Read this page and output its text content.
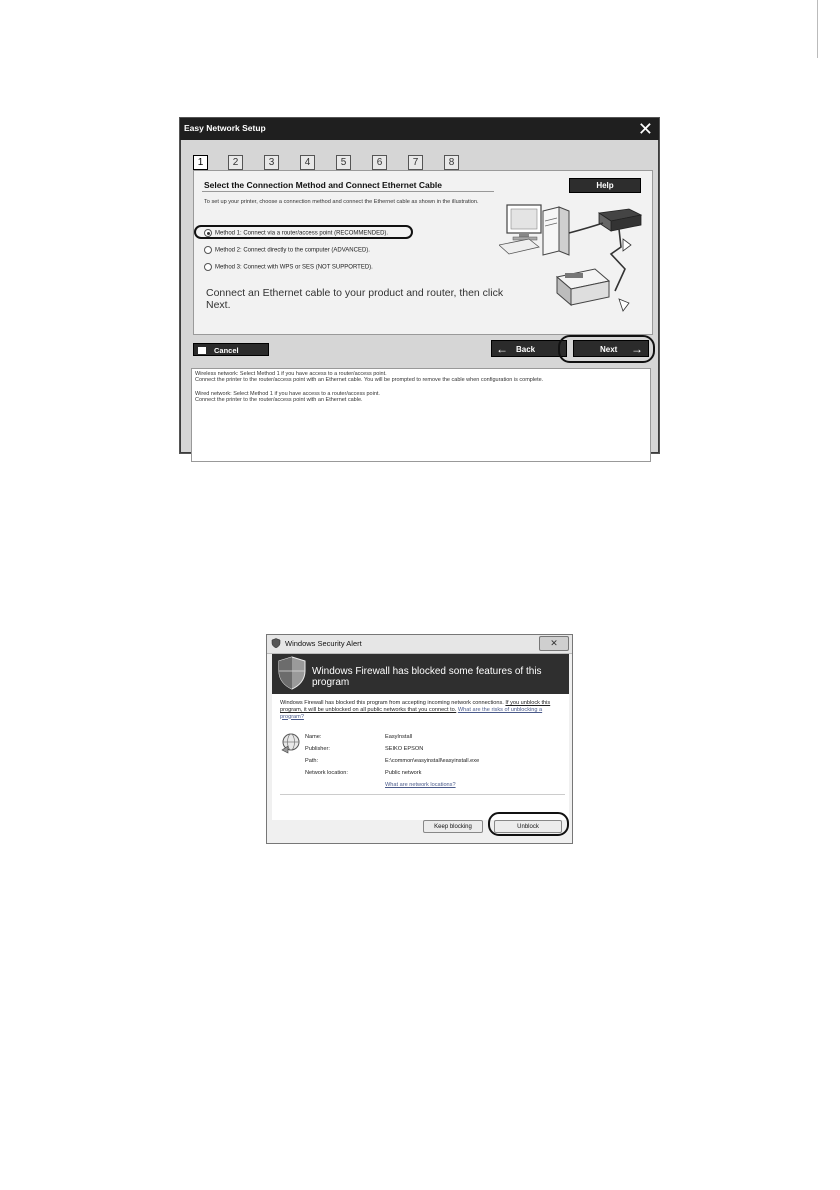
Easy Network Setup	✕
1	2	3	4	5	6	7	8
Select the Connection Method and Connect Ethernet Cable	Help
To set up your printer, choose a connection method and connect the Ethernet cable as shown in the illustration.
Method 1: Connect via a router/access point (RECOMMENDED).
Method 2: Connect directly to the computer (ADVANCED).
Method 3: Connect with WPS or SES (NOT SUPPORTED).
Connect an Ethernet cable to your product and router, then click Next.
Cancel	← Back	Next →

Wireless network: Select Method 1 if you have access to a router/access point.
Connect the printer to the router/access point with an Ethernet cable. You will be prompted to remove the cable when configuration is complete.

Wired network: Select Method 1 if you have access to a router/access point.
Connect the printer to the router/access point with an Ethernet cable.

Windows Security Alert	✕
Windows Firewall has blocked some features of this program
Windows Firewall has blocked this program from accepting incoming network connections. If you unblock this program, it will be unblocked on all public networks that you connect to. What are the risks of unblocking a program?
Name:	EasyInstall
Publisher:	SEIKO EPSON
Path:	E:\common\easyinstall\easyinstall.exe
Network location:	Public network
What are network locations?
Keep blocking	Unblock
